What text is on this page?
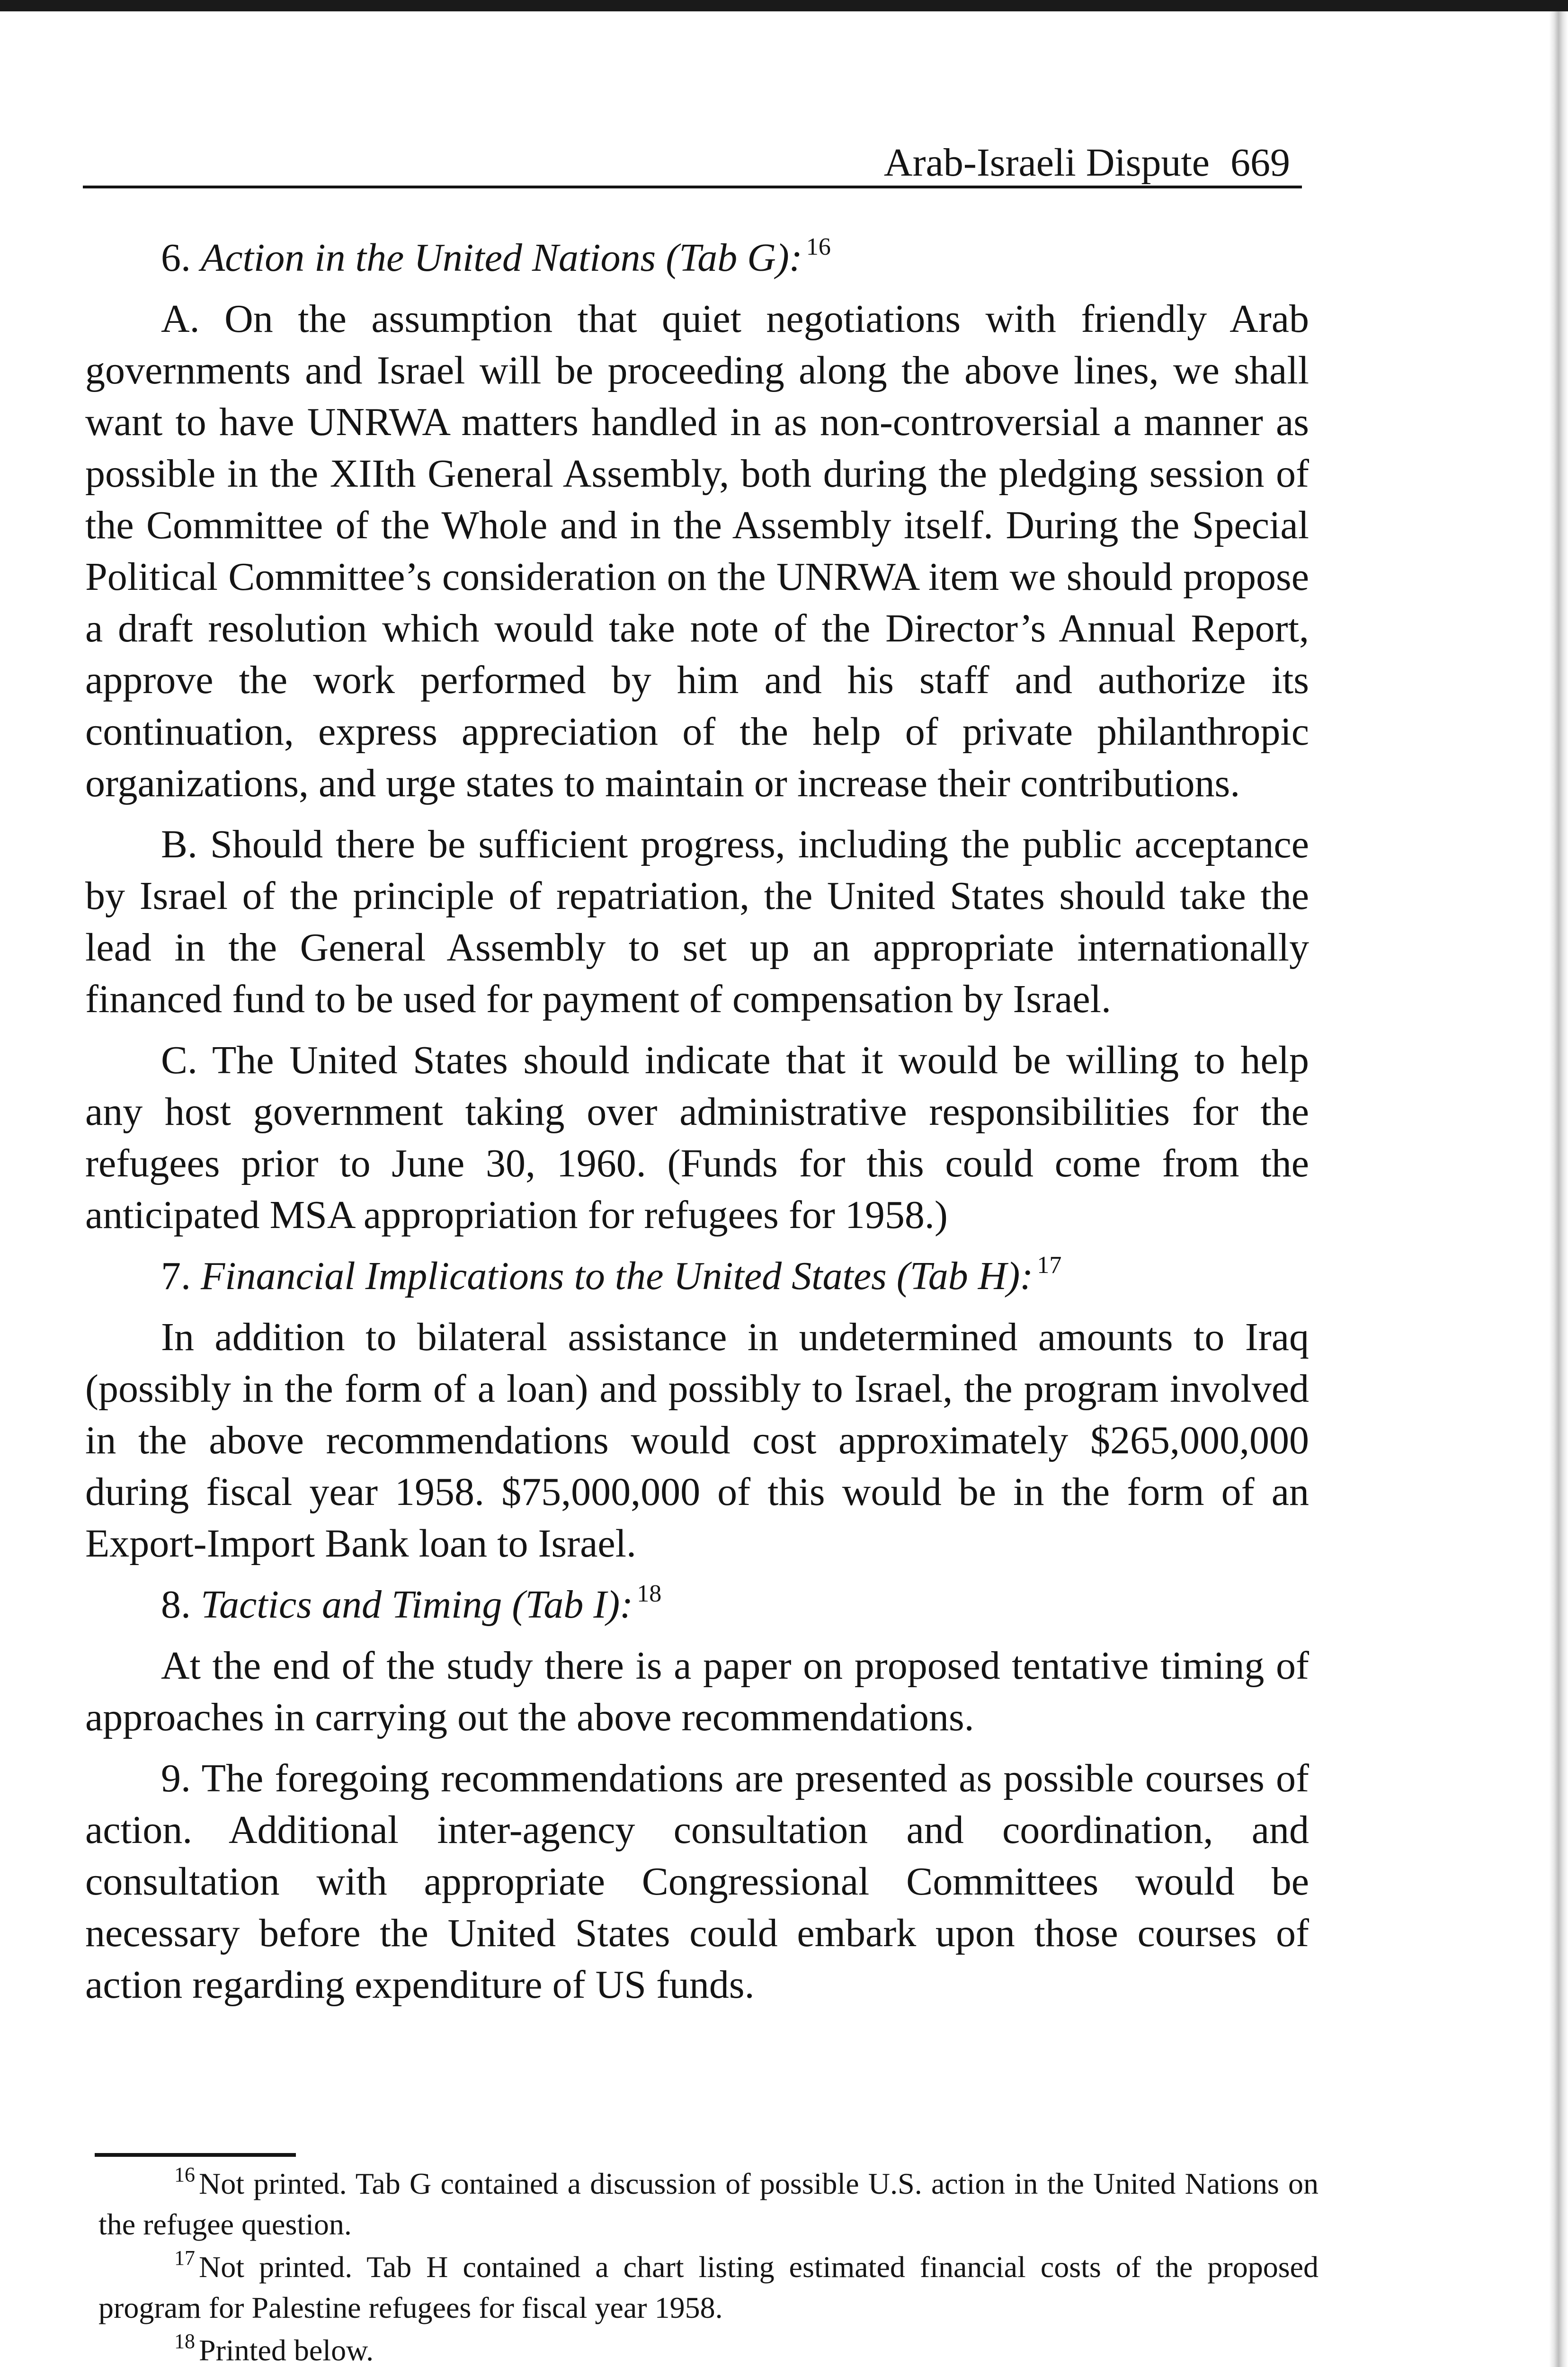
Arab-Israeli Dispute 669
6. Action in the United Nations (Tab G): $^{16}$

A. On the assumption that quiet negotiations with friendly Arab governments and Israel will be proceeding along the above lines, we shall want to have UNRWA matters handled in as non-controversial a manner as possible in the XIIth General Assembly, both during the pledging session of the Committee of the Whole and in the Assembly itself. During the Special Political Committee’s consideration on the UNRWA item we should propose a draft resolution which would take note of the Director’s Annual Report, approve the work performed by him and his staff and authorize its continuation, express appreciation of the help of private philanthropic organizations, and urge states to maintain or increase their contributions.

B. Should there be sufficient progress, including the public acceptance by Israel of the principle of repatriation, the United States should take the lead in the General Assembly to set up an appropriate internationally financed fund to be used for payment of compensation by Israel.

C. The United States should indicate that it would be willing to help any host government taking over administrative responsibilities for the refugees prior to June 30, 1960. (Funds for this could come from the anticipated MSA appropriation for refugees for 1958.)

7. Financial Implications to the United States (Tab H): $^{17}$

In addition to bilateral assistance in undetermined amounts to Iraq (possibly in the form of a loan) and possibly to Israel, the program involved in the above recommendations would cost approximately $265,000,000 during fiscal year 1958. $75,000,000 of this would be in the form of an Export-Import Bank loan to Israel.

8. Tactics and Timing (Tab I): $^{18}$

At the end of the study there is a paper on proposed tentative timing of approaches in carrying out the above recommendations.

9. The foregoing recommendations are presented as possible courses of action. Additional inter-agency consultation and coordination, and consultation with appropriate Congressional Committees would be necessary before the United States could embark upon those courses of action regarding expenditure of US funds.

$^{16}$ Not printed. Tab G contained a discussion of possible U.S. action in the United Nations on the refugee question.

$^{17}$ Not printed. Tab H contained a chart listing estimated financial costs of the proposed program for Palestine refugees for fiscal year 1958.

$^{18}$ Printed below.
